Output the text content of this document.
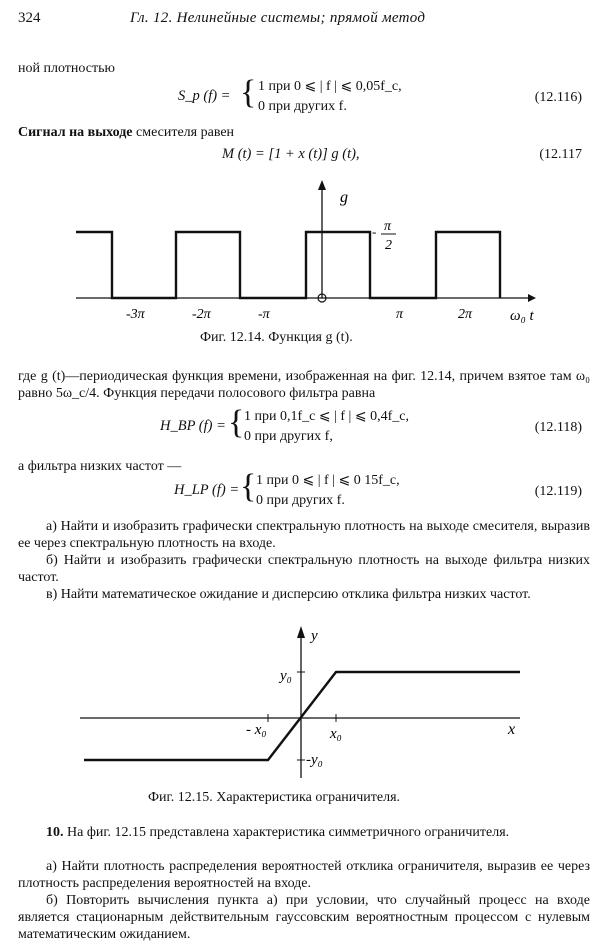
324	Гл. 12. Нелинейные системы; прямой метод
ной плотностью
S_p (f) = { 1 при 0 ⩽ | f | ⩽ 0,05f_c,
0 при других f.
(12.116)
Сигнал на выходе смесителя равен
M (t) = [1 + x (t)] g (t),	(12.117
g
- π
2
-3π	-2π	-π	π	2π	ω₀ t
Фиг. 12.14. Функция g (t).
где g (t)—периодическая функция времени, изображенная на фиг. 12.14, причем взятое там ω₀ равно 5ω_c/4. Функция передачи полосового фильтра равна
H_BP (f) = { 1 при 0,1f_c ⩽ | f | ⩽ 0,4f_c,
0 при других f,
(12.118)
а фильтра низких частот —
H_LP (f) = { 1 при 0 ⩽ | f | ⩽ 0 15f_c,
0 при других f.
(12.119)
а) Найти и изобразить графически спектральную плотность на выходе смесителя, выразив ее через спектральную плотность на входе.
б) Найти и изобразить графически спектральную плотность на выходе фильтра низких частот.
в) Найти математическое ожидание и дисперсию отклика фильтра низких частот.
y
x
y₀
-y₀
- x₀	x₀
Фиг. 12.15. Характеристика ограничителя.
10. На фиг. 12.15 представлена характеристика симметричного ограничителя.
а) Найти плотность распределения вероятностей отклика ограничителя, выразив ее через плотность распределения вероятностей на входе.
б) Повторить вычисления пункта а) при условии, что случайный процесс на входе является стационарным действительным гауссовским вероятностным процессом с нулевым математическим ожиданием.
